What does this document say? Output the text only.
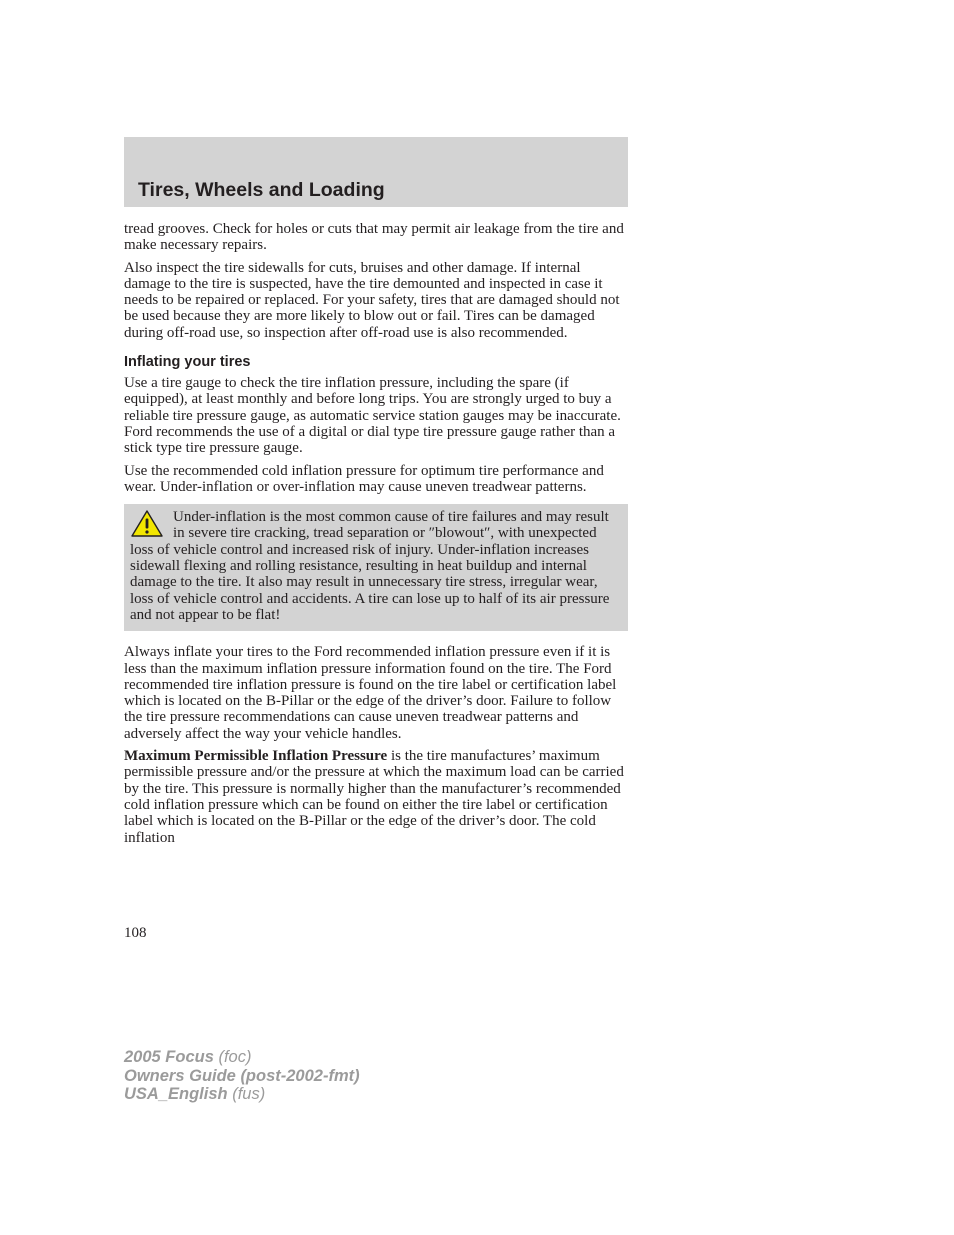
Tires, Wheels and Loading

tread grooves. Check for holes or cuts that may permit air leakage from the tire and make necessary repairs.

Also inspect the tire sidewalls for cuts, bruises and other damage. If internal damage to the tire is suspected, have the tire demounted and inspected in case it needs to be repaired or replaced. For your safety, tires that are damaged should not be used because they are more likely to blow out or fail. Tires can be damaged during off-road use, so inspection after off-road use is also recommended.

Inflating your tires

Use a tire gauge to check the tire inflation pressure, including the spare (if equipped), at least monthly and before long trips. You are strongly urged to buy a reliable tire pressure gauge, as automatic service station gauges may be inaccurate. Ford recommends the use of a digital or dial type tire pressure gauge rather than a stick type tire pressure gauge.

Use the recommended cold inflation pressure for optimum tire performance and wear. Under-inflation or over-inflation may cause uneven treadwear patterns.

Under-inflation is the most common cause of tire failures and may result in severe tire cracking, tread separation or ″blowout″, with unexpected loss of vehicle control and increased risk of injury. Under-inflation increases sidewall flexing and rolling resistance, resulting in heat buildup and internal damage to the tire. It also may result in unnecessary tire stress, irregular wear, loss of vehicle control and accidents. A tire can lose up to half of its air pressure and not appear to be flat!

Always inflate your tires to the Ford recommended inflation pressure even if it is less than the maximum inflation pressure information found on the tire. The Ford recommended tire inflation pressure is found on the tire label or certification label which is located on the B-Pillar or the edge of the driver’s door. Failure to follow the tire pressure recommendations can cause uneven treadwear patterns and adversely affect the way your vehicle handles.

Maximum Permissible Inflation Pressure is the tire manufactures’ maximum permissible pressure and/or the pressure at which the maximum load can be carried by the tire. This pressure is normally higher than the manufacturer’s recommended cold inflation pressure which can be found on either the tire label or certification label which is located on the B-Pillar or the edge of the driver’s door. The cold inflation

108

2005 Focus (foc)
Owners Guide (post-2002-fmt)
USA_English (fus)
